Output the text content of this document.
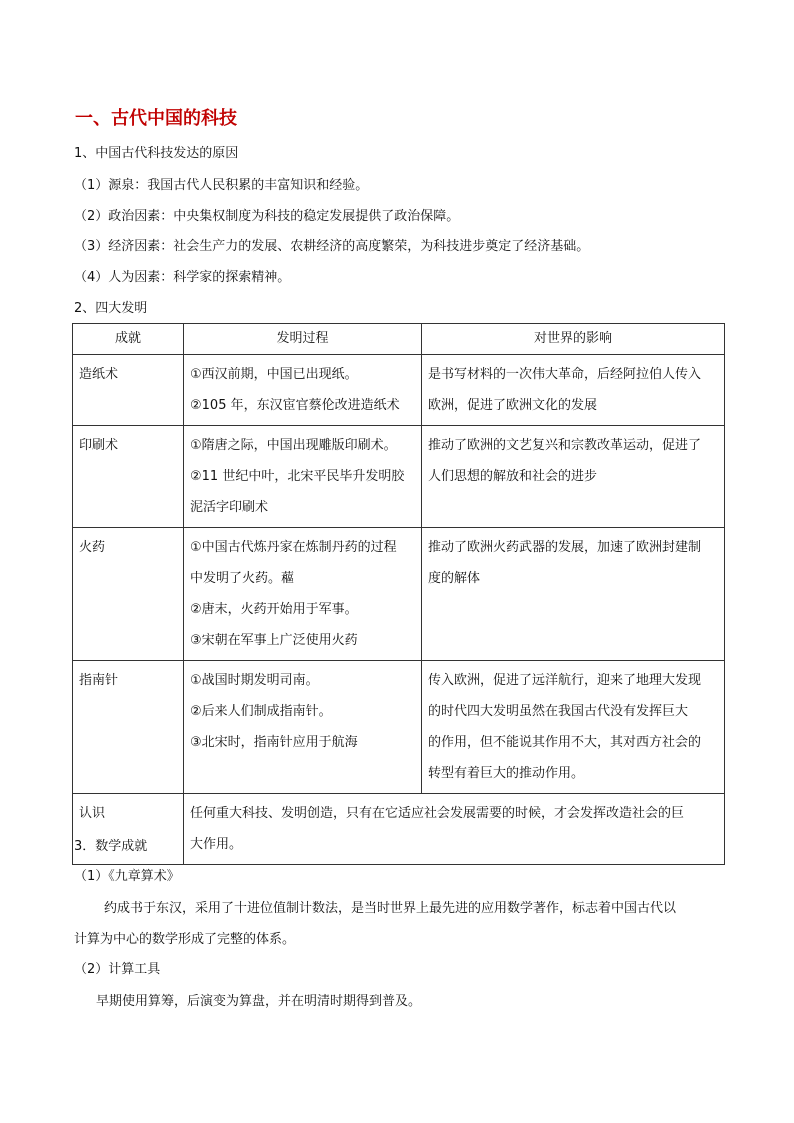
一、古代中国的科技
1、中国古代科技发达的原因
（1）源泉：我国古代人民积累的丰富知识和经验。
（2）政治因素：中央集权制度为科技的稳定发展提供了政治保障。
（3）经济因素：社会生产力的发展、农耕经济的高度繁荣，为科技进步奠定了经济基础。
（4）人为因素：科学家的探索精神。
2、四大发明
成就	发明过程	对世界的影响
造纸术	①西汉前期，中国已出现纸。
②105 年，东汉宦官蔡伦改进造纸术	是书写材料的一次伟大革命，后经阿拉伯人传入
欧洲，促进了欧洲文化的发展

印刷术	①隋唐之际，中国出现雕版印刷术。
②11 世纪中叶，北宋平民毕升发明胶
泥活字印刷术	推动了欧洲的文艺复兴和宗教改革运动，促进了
人们思想的解放和社会的进步

火药	①中国古代炼丹家在炼制丹药的过程
中发明了火药。藲
②唐末，火药开始用于军事。
③宋朝在军事上广泛使用火药	推动了欧洲火药武器的发展，加速了欧洲封建制
度的解体

指南针	①战国时期发明司南。
②后来人们制成指南针。
③北宋时，指南针应用于航海	传入欧洲，促进了远洋航行，迎来了地理大发现
的时代四大发明虽然在我国古代没有发挥巨大
的作用，但不能说其作用不大，其对西方社会的
转型有着巨大的推动作用。

认识	任何重大科技、发明创造，只有在它适应社会发展需要的时候，才会发挥改造社会的巨
大作用。	
3．数学成就
（1）《九章算术》
约成书于东汉，采用了十进位值制计数法，是当时世界上最先进的应用数学著作，标志着中国古代以
计算为中心的数学形成了完整的体系。
（2）计算工具
早期使用算筹，后演变为算盘，并在明清时期得到普及。
